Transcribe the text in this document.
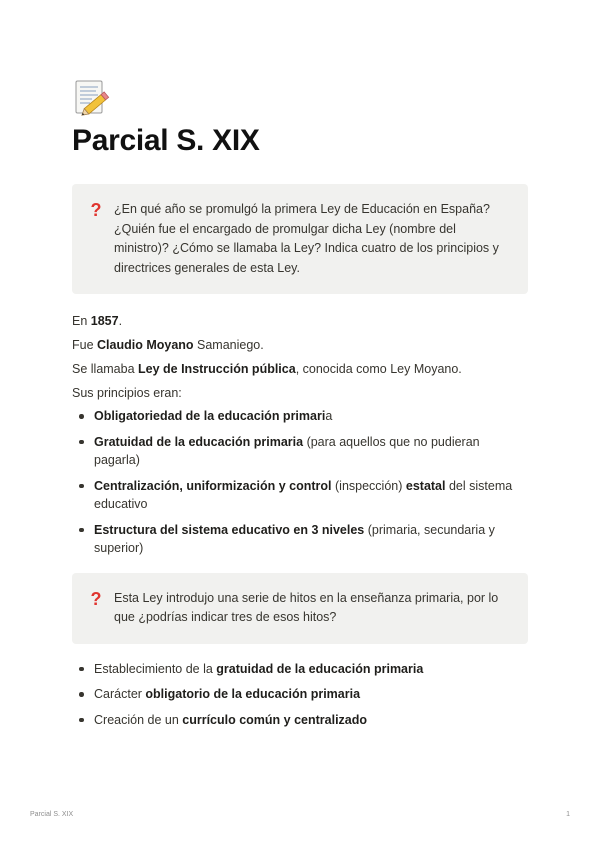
Parcial S. XIX
? ¿En qué año se promulgó la primera Ley de Educación en España? ¿Quién fue el encargado de promulgar dicha Ley (nombre del ministro)? ¿Cómo se llamaba la Ley? Indica cuatro de los principios y directrices generales de esta Ley.

En 1857.

Fue Claudio Moyano Samaniego.

Se llamaba Ley de Instrucción pública, conocida como Ley Moyano.

Sus principios eran:

Obligatoriedad de la educación primaria
Gratuidad de la educación primaria (para aquellos que no pudieran pagarla)
Centralización, uniformización y control (inspección) estatal del sistema educativo
Estructura del sistema educativo en 3 niveles (primaria, secundaria y superior)
? Esta Ley introdujo una serie de hitos en la enseñanza primaria, por lo que ¿podrías indicar tres de esos hitos?
Establecimiento de la gratuidad de la educación primaria
Carácter obligatorio de la educación primaria
Creación de un currículo común y centralizado
Parcial S. XIX	1
